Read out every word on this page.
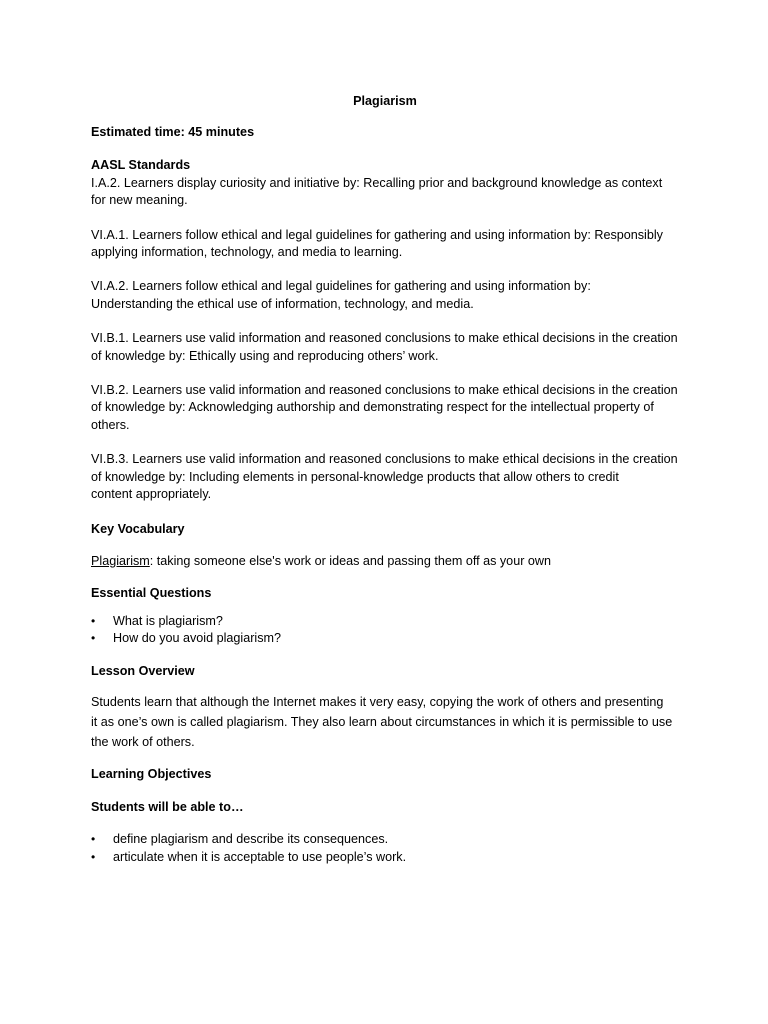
Plagiarism

Estimated time: 45 minutes

AASL Standards

I.A.2. Learners display curiosity and initiative by: Recalling prior and background knowledge as context

for new meaning.

VI.A.1. Learners follow ethical and legal guidelines for gathering and using information by: Responsibly

applying information, technology, and media to learning.

VI.A.2. Learners follow ethical and legal guidelines for gathering and using information by:

Understanding the ethical use of information, technology, and media.

VI.B.1. Learners use valid information and reasoned conclusions to make ethical decisions in the creation

of knowledge by: Ethically using and reproducing others’ work.

VI.B.2. Learners use valid information and reasoned conclusions to make ethical decisions in the creation

of knowledge by: Acknowledging authorship and demonstrating respect for the intellectual property of

others.

VI.B.3. Learners use valid information and reasoned conclusions to make ethical decisions in the creation

of knowledge by: Including elements in personal-knowledge products that allow others to credit

content appropriately.

Key Vocabulary

Plagiarism: taking someone else's work or ideas and passing them off as your own

Essential Questions

• What is plagiarism?
• How do you avoid plagiarism?

Lesson Overview

Students learn that although the Internet makes it very easy, copying the work of others and presenting

it as one’s own is called plagiarism. They also learn about circumstances in which it is permissible to use

the work of others.

Learning Objectives

Students will be able to…

• define plagiarism and describe its consequences.
• articulate when it is acceptable to use people’s work.
